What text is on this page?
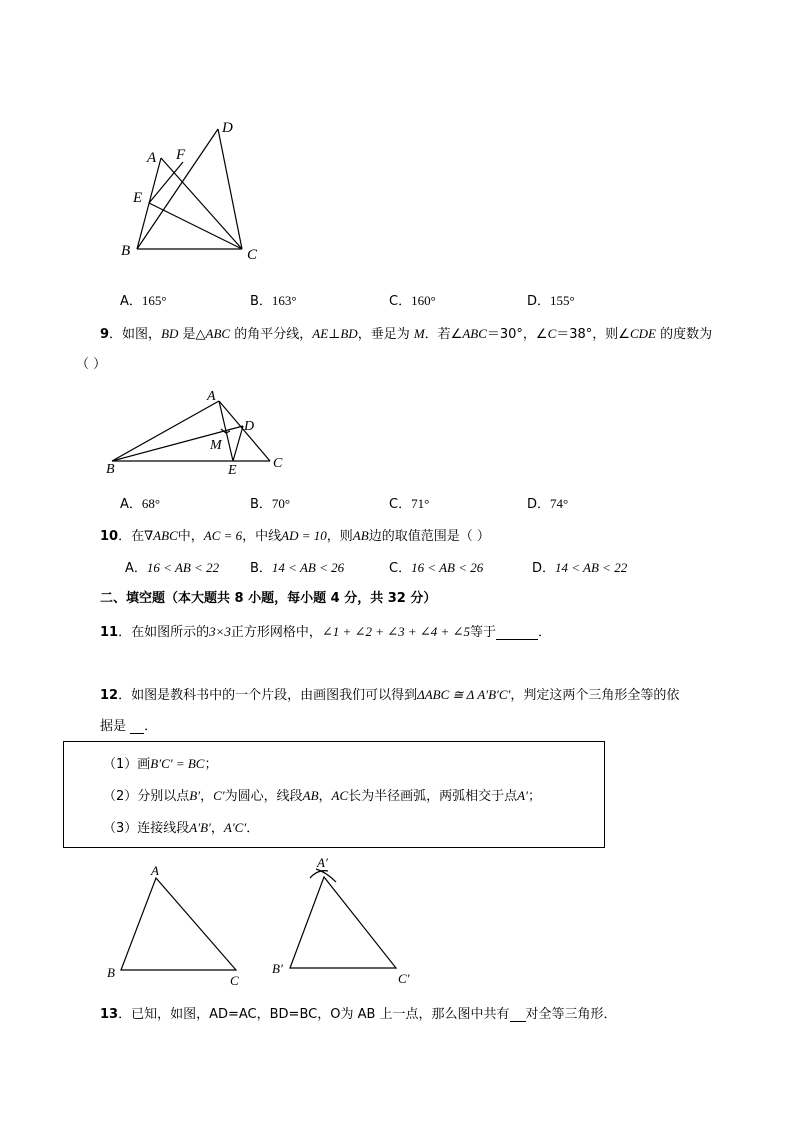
A
B	C
D
E
F
A．165°	B．163°	C．160°	D．155°
9．如图，BD 是△ABC 的角平分线，AE⊥BD，垂足为 M．若∠ABC＝30°，∠C＝38°，则∠CDE 的度数为
（ ）
A
B	C
D
E
M
A．68°	B．70°	C．71°	D．74°
10．在∇ABC中，AC = 6，中线AD = 10，则AB边的取值范围是（ ）
A．16 < AB < 22 B．14 < AB < 26	C．16 < AB < 26	D．14 < AB < 22
二、填空题（本大题共 8 小题，每小题 4 分，共 32 分）
11．在如图所示的3×3正方形网格中，∠1 + ∠2 + ∠3 + ∠4 + ∠5等于	．
12．如图是教科书中的一个片段，由画图我们可以得到ΔABC ≅ Δ A′B′C′，判定这两个三角形全等的依
据是 ．
（1）画B′C′ = BC；
（2）分别以点B′，C′为圆心，线段AB，AC长为半径画弧，两弧相交于点A′；
（3）连接线段A′B′，A′C′．
A
B
C
A′
B′
C′
13．已知，如图，AD=AC，BD=BC，O为 AB 上一点，那么图中共有 对全等三角形．
